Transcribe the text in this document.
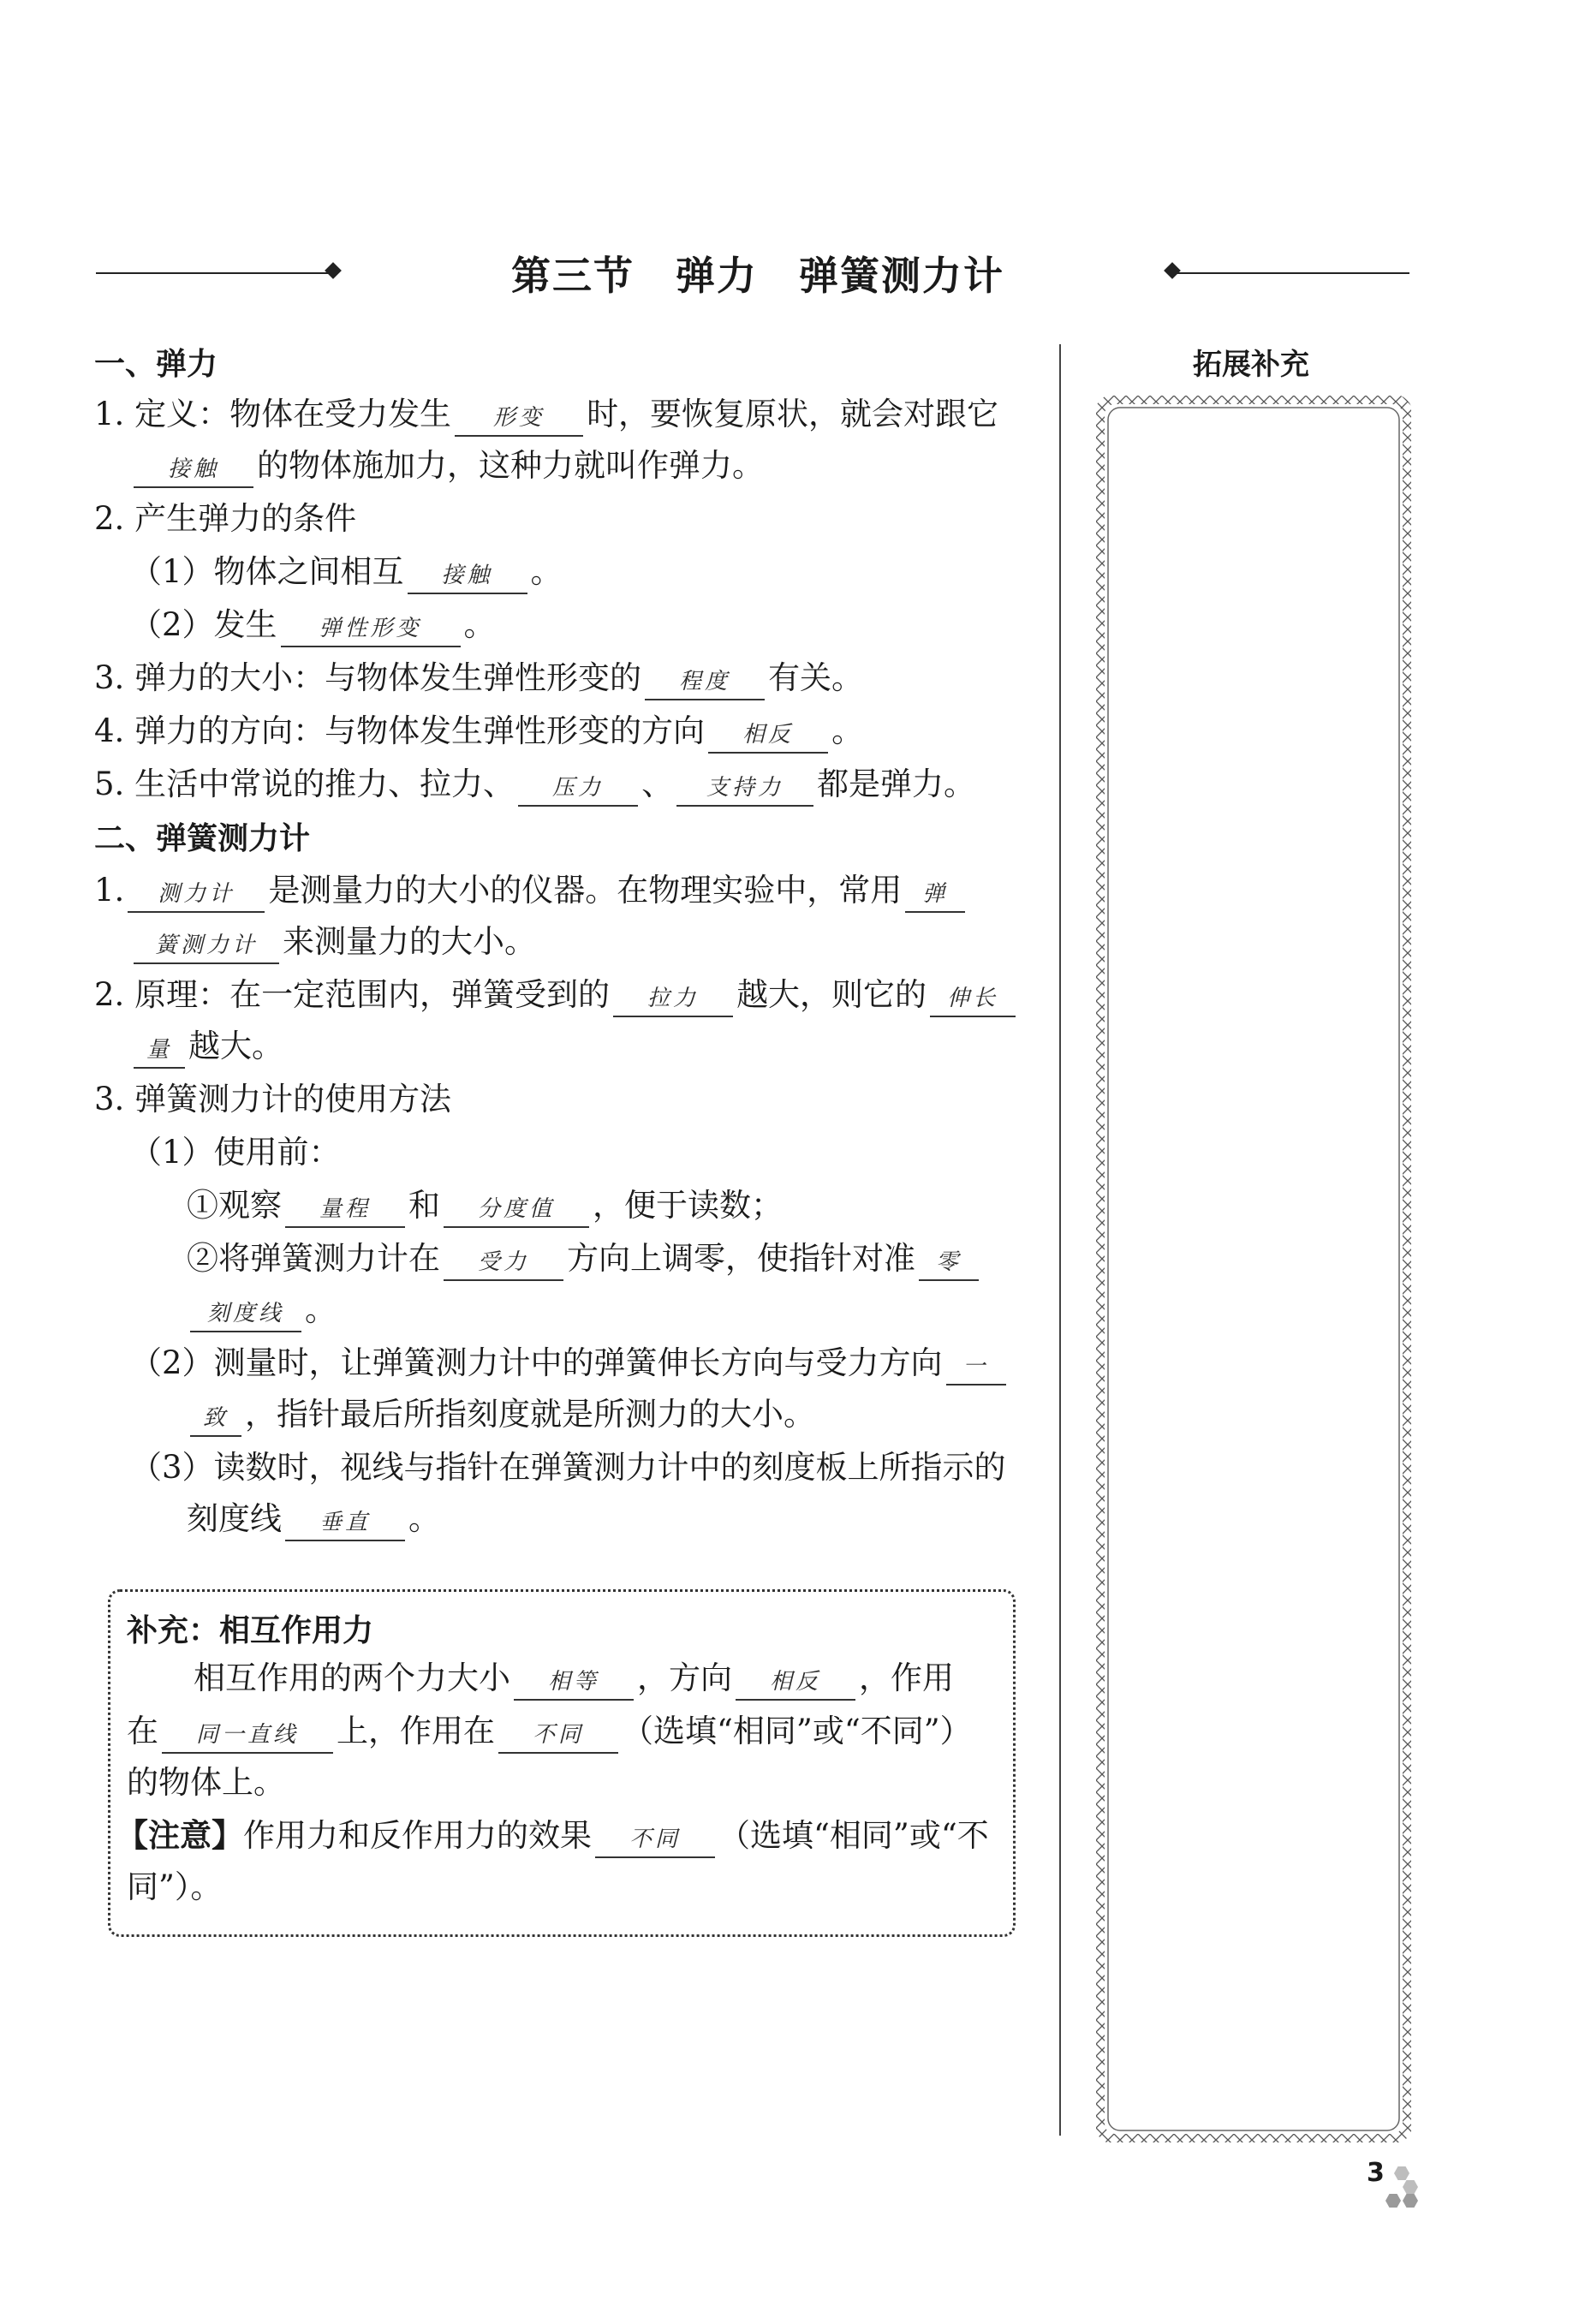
第三节　弹力　弹簧测力计
拓展补充
一、弹力
1. 定义：物体在受力发生 形变 时，要恢复原状，就会对跟它
接触 的物体施加力，这种力就叫作弹力。
2. 产生弹力的条件
（1）物体之间相互 接触 。
（2）发生 弹性形变 。
3. 弹力的大小：与物体发生弹性形变的 程度 有关。
4. 弹力的方向：与物体发生弹性形变的方向 相反 。
5. 生活中常说的推力、拉力、 压力 、 支持力 都是弹力。
二、弹簧测力计
1. 测力计 是测量力的大小的仪器。在物理实验中，常用 弹
簧测力计 来测量力的大小。
2. 原理：在一定范围内，弹簧受到的 拉力 越大，则它的 伸长
量 越大。
3. 弹簧测力计的使用方法
（1）使用前：
①观察 量程 和 分度值 ，便于读数；
②将弹簧测力计在 受力 方向上调零，使指针对准 零
刻度线 。
（2）测量时，让弹簧测力计中的弹簧伸长方向与受力方向 一
致 ，指针最后所指刻度就是所测力的大小。
（3）读数时，视线与指针在弹簧测力计中的刻度板上所指示的
刻度线 垂直 。
补充：相互作用力
相互作用的两个力大小 相等 ，方向 相反 ，作用
在 同一直线 上，作用在 不同 （选填“相同”或“不同”）
的物体上。
【注意】作用力和反作用力的效果 不同 （选填“相同”或“不
同”）。
3
